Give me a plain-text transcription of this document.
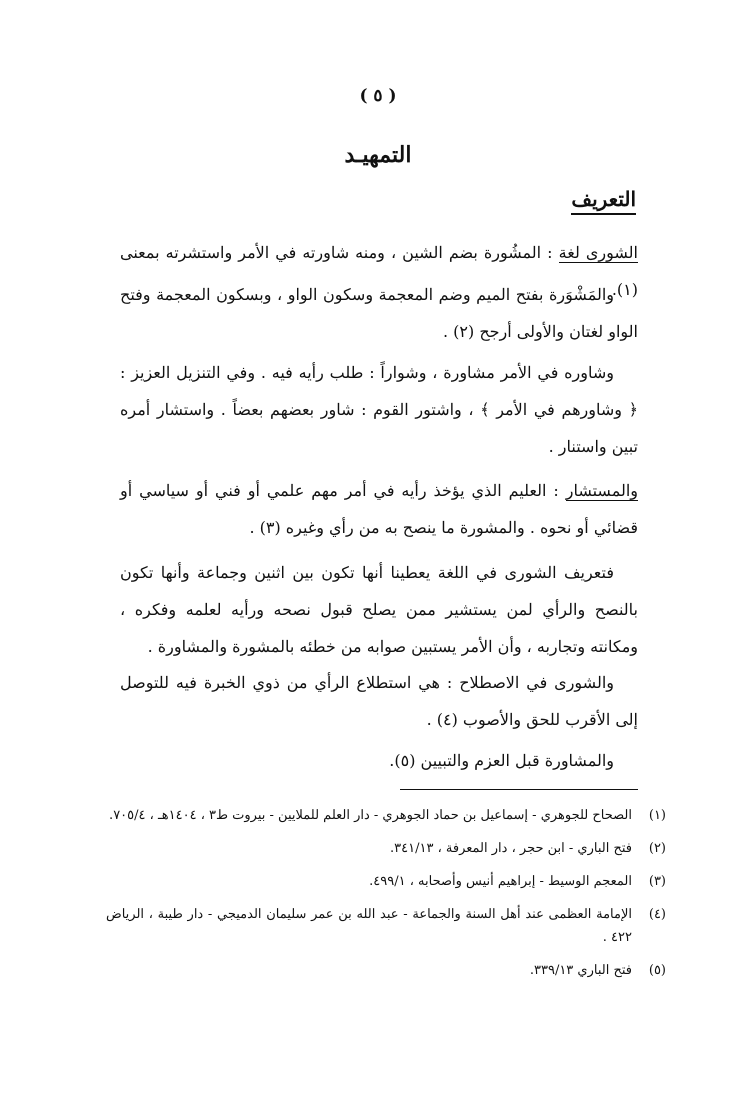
( ٥ )
التمهيـد
التعريف
الشورى لغة : المشُورة بضم الشين ، ومنه شاورته في الأمر واستشرته بمعنى (١).
والمَشْوَرة بفتح الميم وضم المعجمة وسكون الواو ، وبسكون المعجمة وفتح الواو لغتان والأولى أرجح (٢) .
وشاوره في الأمر مشاورة ، وشواراً : طلب رأيه فيه . وفي التنزيل العزيز : ﴿ وشاورهم في الأمر ﴾ ، واشتور القوم : شاور بعضهم بعضاً . واستشار أمره تبين واستنار .
والمستشار : العليم الذي يؤخذ رأيه في أمر مهم علمي أو فني أو سياسي أو قضائي أو نحوه . والمشورة ما ينصح به من رأي وغيره (٣) .
فتعريف الشورى في اللغة يعطينا أنها تكون بين اثنين وجماعة وأنها تكون بالنصح والرأي لمن يستشير ممن يصلح قبول نصحه ورأيه لعلمه وفكره ، ومكانته وتجاربه ، وأن الأمر يستبين صوابه من خطئه بالمشورة والمشاورة .
والشورى في الاصطلاح : هي استطلاع الرأي من ذوي الخبرة فيه للتوصل إلى الأقرب للحق والأصوب (٤) .
والمشاورة قبل العزم والتبيين (٥).
(١)
الصحاح للجوهري - إسماعيل بن حماد الجوهري - دار العلم للملايين - بيروت ط٣ ، ١٤٠٤هـ ، ٧٠٥/٤.
(٢)
فتح الباري - ابن حجر ، دار المعرفة ، ٣٤١/١٣.
(٣)
المعجم الوسيط - إبراهيم أنيس وأصحابه ، ٤٩٩/١.
(٤)
الإمامة العظمى عند أهل السنة والجماعة - عبد الله بن عمر سليمان الدميجي - دار طيبة ، الرياض ٤٢٢ .
(٥)
فتح الباري ٣٣٩/١٣.
